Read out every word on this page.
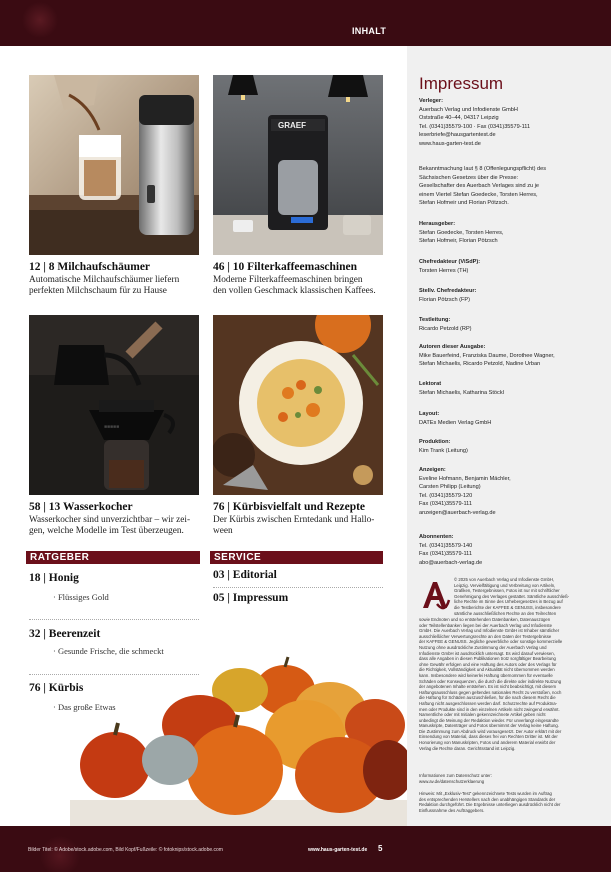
INHALT
GRAEF
12 | 8 Milchaufschäumer
Automatische Milchaufschäumer liefern
perfekten Milchschaum für zu Hause
46 | 10 Filterkaffeemaschinen
Moderne Filterkaffeemaschinen bringen
den vollen Geschmack klassischen Kaffees.
■■■■■
58 | 13 Wasserkocher
Wasserkocher sind unverzichtbar – wir zei-
gen, welche Modelle im Test überzeugen.
76 | Kürbisvielfalt und Rezepte
Der Kürbis zwischen Erntedank und Hallo-
ween
RATGEBER
18 | Honig
· Flüssiges Gold
32 | Beerenzeit
· Gesunde Frische, die schmeckt
76 | Kürbis
· Das große Etwas
SERVICE
03 | Editorial
05 | Impressum
Impressum
Verleger:
Auerbach Verlag und Infodienste GmbH
Oststraße 40–44, 04317 Leipzig
Tel. (0341)35579-100 · Fax (0341)35579-111
leserbriefe@hausgartentest.de
www.haus-garten-test.de
Bekanntmachung laut § 8 (Offenlegungspflicht) des
Sächsischen Gesetzes über die Presse:
Gesellschafter des Auerbach Verlages sind zu je
einem Viertel Stefan Goedecke, Torsten Herres,
Stefan Hofmeir und Florian Pötzsch.
Herausgeber:
Stefan Goedecke, Torsten Herres,
Stefan Hofmeir, Florian Pötzsch
Chefredakteur (ViSdP):
Torsten Herres (TH)
Stellv. Chefredakteur:
Florian Pötzsch (FP)
Testleitung:
Ricardo Petzold (RP)
Autoren dieser Ausgabe:
Mike Bauerfeind, Franziska Daume, Dorothee Wagner,
Stefan Michaelis, Ricardo Petzold, Nadine Urban
Lektorat
Stefan Michaelis, Katharina Stöckl
Layout:
DATEs Medien Verlag GmbH
Produktion:
Kim Trank (Leitung)
Anzeigen:
Eveline Hofmann, Benjamin Mächler,
Carsten Philipp (Leitung)
Tel. (0341)35579-120
Fax (0341)35579-111
anzeigen@auerbach-verlag.de
Abonnenten:
Tel. (0341)35579-140
Fax (0341)35579-111
abo@auerbach-verlag.de
© 2025 von Auerbach Verlag und Infodienste GmbH,
Leipzig. Vervielfältigung und Verbreitung von Artikeln,
Grafiken, Testergebnissen, Fotos ist nur mit schriftlicher
Genehmigung des Verlages gestattet. Sämtliche ausschließ-
liche Rechte im Sinne des Urhebergesetzes in Bezug auf
die Testberichte der KAFFEE & GENUSS, insbesondere
sämtliche ausschließlichen Rechte an den Teilrechten
sowie Endnoten und so entstehenden Datenbanken, Datenauszügen
oder Teilstellenbanken liegen bei der Auerbach Verlag und Infodienste
GmbH. Die Auerbach Verlag und Infodienste GmbH ist Inhaber sämtlicher
ausschließlicher Verwertungsrechte an den Daten der Testergebnisse
der KAFFEE & GENUSS. Jegliche gewerbliche oder sonstige kommerzielle
Nutzung ohne ausdrückliche Zustimmung der Auerbach Verlag und
Infodienste GmbH ist ausdrücklich untersagt. Es wird darauf verwiesen,
dass alle Angaben in diesen Publikationen trotz sorgfältiger Bearbeitung
ohne Gewähr erfolgen und eine Haftung des Autors oder des Verlags für
die Richtigkeit, Vollständigkeit und Aktualität nicht übernommen werden
kann. Insbesondere wird keinerlei Haftung übernommen für eventuelle
Schäden oder Konsequenzen, die durch die direkte oder indirekte Nutzung
der angebotenen Inhalte entstehen. Es ist nicht beabsichtigt, mit diesem
Haftungsausschluss gegen geltendes nationales Recht zu verstoßen, noch
die Haftung für Schäden auszuschließen, für die nach diesem Recht die
Haftung nicht ausgeschlossen werden darf. Schutzrechte auf Produktna-
men oder Produkte sind in den einzelnen Artikeln nicht zwingend erwähnt.
Namentliche oder mit Initialen gekennzeichnete Artikel geben nicht
unbedingt die Meinung der Redaktion wieder. Für unverlangt eingesandte
Manuskripte, Datenträger und Fotos übernimmt der Verlag keine Haftung.
Die Zustimmung zum Abdruck wird vorausgesetzt. Der Autor erklärt mit der
Einsendung von Material, dass dieses frei von Rechten Dritter ist. Mit der
Honorierung von Manuskripten, Fotos und anderem Material erwirbt der
Verlag die Rechte daran. Gerichtsstand ist Leipzig.
Informationen zum Datenschutz unter:
www.av.de/datenschutzerklaerung
Hinweis: Mit „Exklusiv-Test“ gekennzeichnete Tests wurden im Auftrag
des entsprechenden Herstellers nach den unabhängigen Standards der
Redaktion durchgeführt. Die Ergebnisse unterliegen ausdrücklich nicht der
Einflussnahme des Auftraggebers.
Bilder Titel: © Adobe/stock.adobe.com, Bild Kopf/Fußzeile: © fotoknips/stock.adobe.com	www.haus-garten-test.de 5
